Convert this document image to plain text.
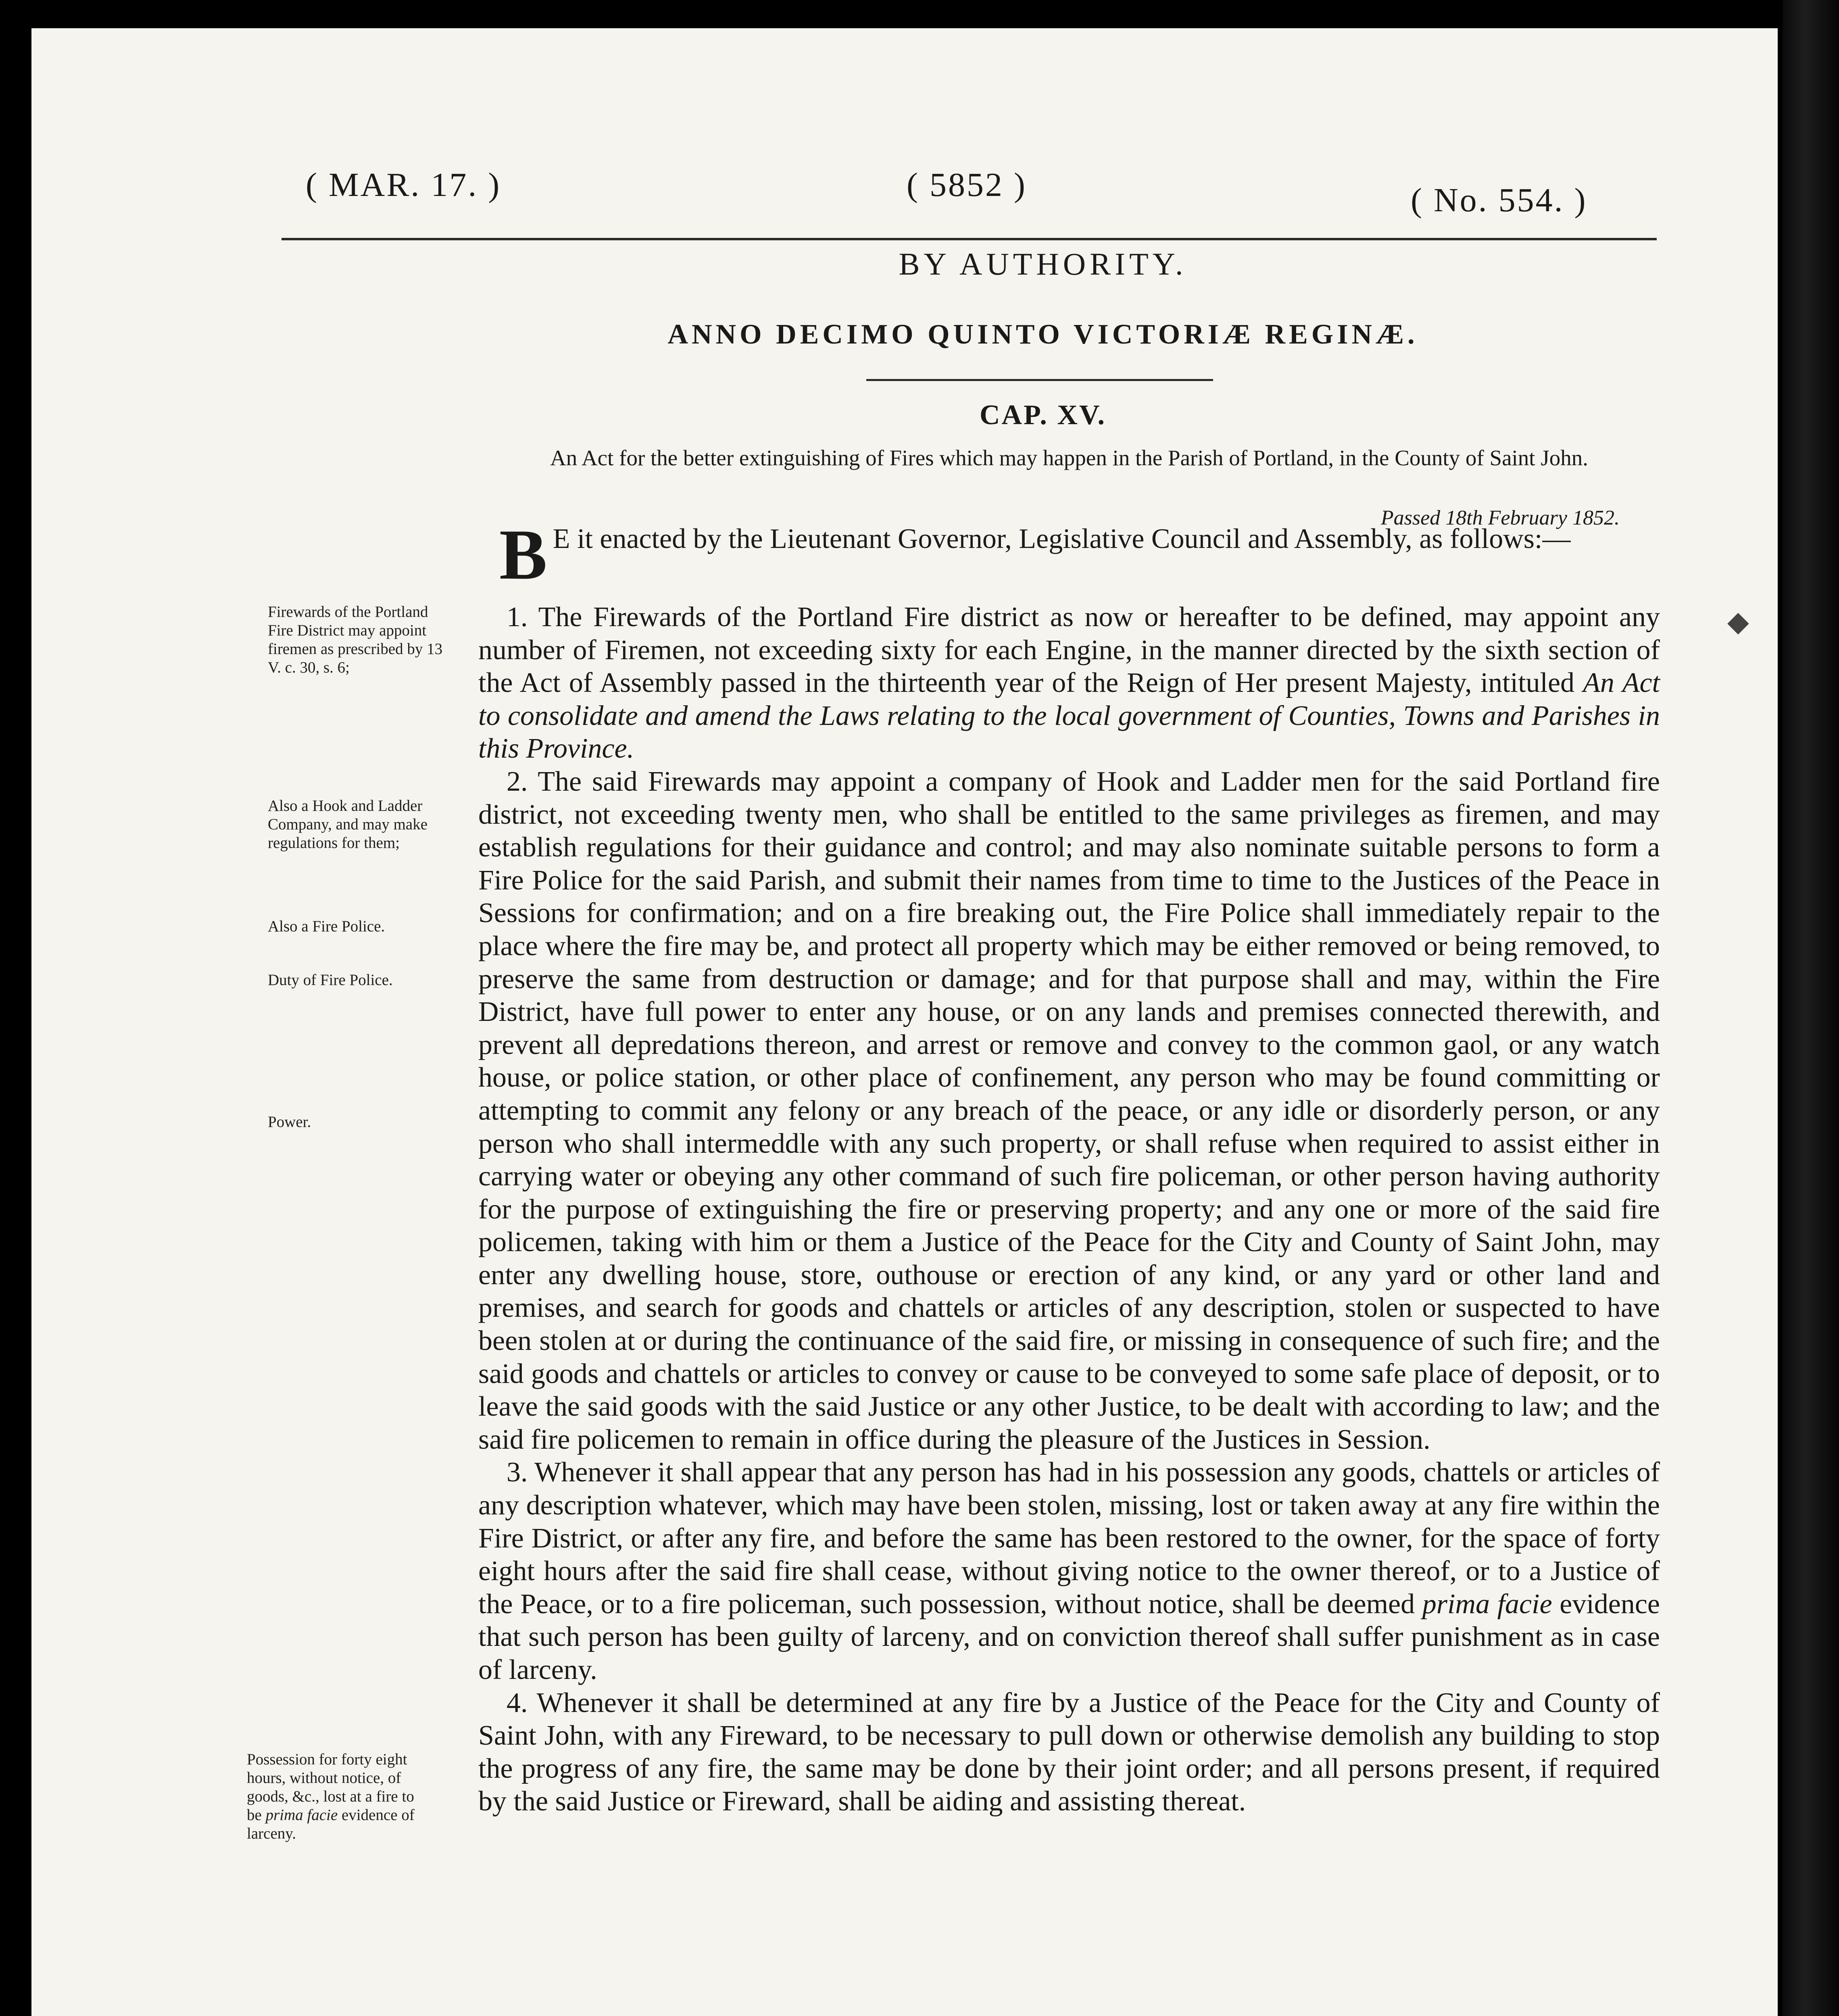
( MAR. 17. )	( 5852 )	( No. 554. )
BY AUTHORITY.
ANNO DECIMO QUINTO VICTORIÆ REGINÆ.
CAP. XV.
An Act for the better extinguishing of Fires which may happen in the Parish of Portland, in the County of Saint John.
Passed 18th February 1852.
B E it enacted by the Lieutenant Governor, Legislative Council and Assembly, as follows:—

1. The Firewards of the Portland Fire district as now or hereafter to be defined, may appoint any number of Firemen, not exceeding sixty for each Engine, in the manner directed by the sixth section of the Act of Assembly passed in the thirteenth year of the Reign of Her present Majesty, intituled An Act to consolidate and amend the Laws relating to the local government of Counties, Towns and Parishes in this Province.

2. The said Firewards may appoint a company of Hook and Ladder men for the said Portland fire district, not exceeding twenty men, who shall be entitled to the same privileges as firemen, and may establish regulations for their guidance and control; and may also nominate suitable persons to form a Fire Police for the said Parish, and submit their names from time to time to the Justices of the Peace in Sessions for confirmation; and on a fire breaking out, the Fire Police shall immediately repair to the place where the fire may be, and protect all property which may be either removed or being removed, to preserve the same from destruction or damage; and for that purpose shall and may, within the Fire District, have full power to enter any house, or on any lands and premises connected therewith, and prevent all depredations thereon, and arrest or remove and convey to the common gaol, or any watch house, or police station, or other place of confinement, any person who may be found committing or attempting to commit any felony or any breach of the peace, or any idle or disorderly person, or any person who shall intermeddle with any such property, or shall refuse when required to assist either in carrying water or obeying any other command of such fire policeman, or other person having authority for the purpose of extinguishing the fire or preserving property; and any one or more of the said fire policemen, taking with him or them a Justice of the Peace for the City and County of Saint John, may enter any dwelling house, store, outhouse or erection of any kind, or any yard or other land and premises, and search for goods and chattels or articles of any description, stolen or suspected to have been stolen at or during the continuance of the said fire, or missing in consequence of such fire; and the said goods and chattels or articles to convey or cause to be conveyed to some safe place of deposit, or to leave the said goods with the said Justice or any other Justice, to be dealt with according to law; and the said fire policemen to remain in office during the pleasure of the Justices in Session.

3. Whenever it shall appear that any person has had in his possession any goods, chattels or articles of any description whatever, which may have been stolen, missing, lost or taken away at any fire within the Fire District, or after any fire, and before the same has been restored to the owner, for the space of forty eight hours after the said fire shall cease, without giving notice to the owner thereof, or to a Justice of the Peace, or to a fire policeman, such possession, without notice, shall be deemed prima facie evidence that such person has been guilty of larceny, and on conviction thereof shall suffer punishment as in case of larceny.

4. Whenever it shall be determined at any fire by a Justice of the Peace for the City and County of Saint John, with any Fireward, to be necessary to pull down or otherwise demolish any building to stop the progress of any fire, the same may be done by their joint order; and all persons present, if required by the said Justice or Fireward, shall be aiding and assisting thereat.

Firewards of the Portland Fire District may appoint firemen as prescribed by 13 V. c. 30, s. 6;
Also a Hook and Ladder Company, and may make regulations for them;
Also a Fire Police.
Duty of Fire Police.
Power.
Possession for forty eight hours, without notice, of goods, &c., lost at a fire to be prima facie evidence of larceny.

◆
